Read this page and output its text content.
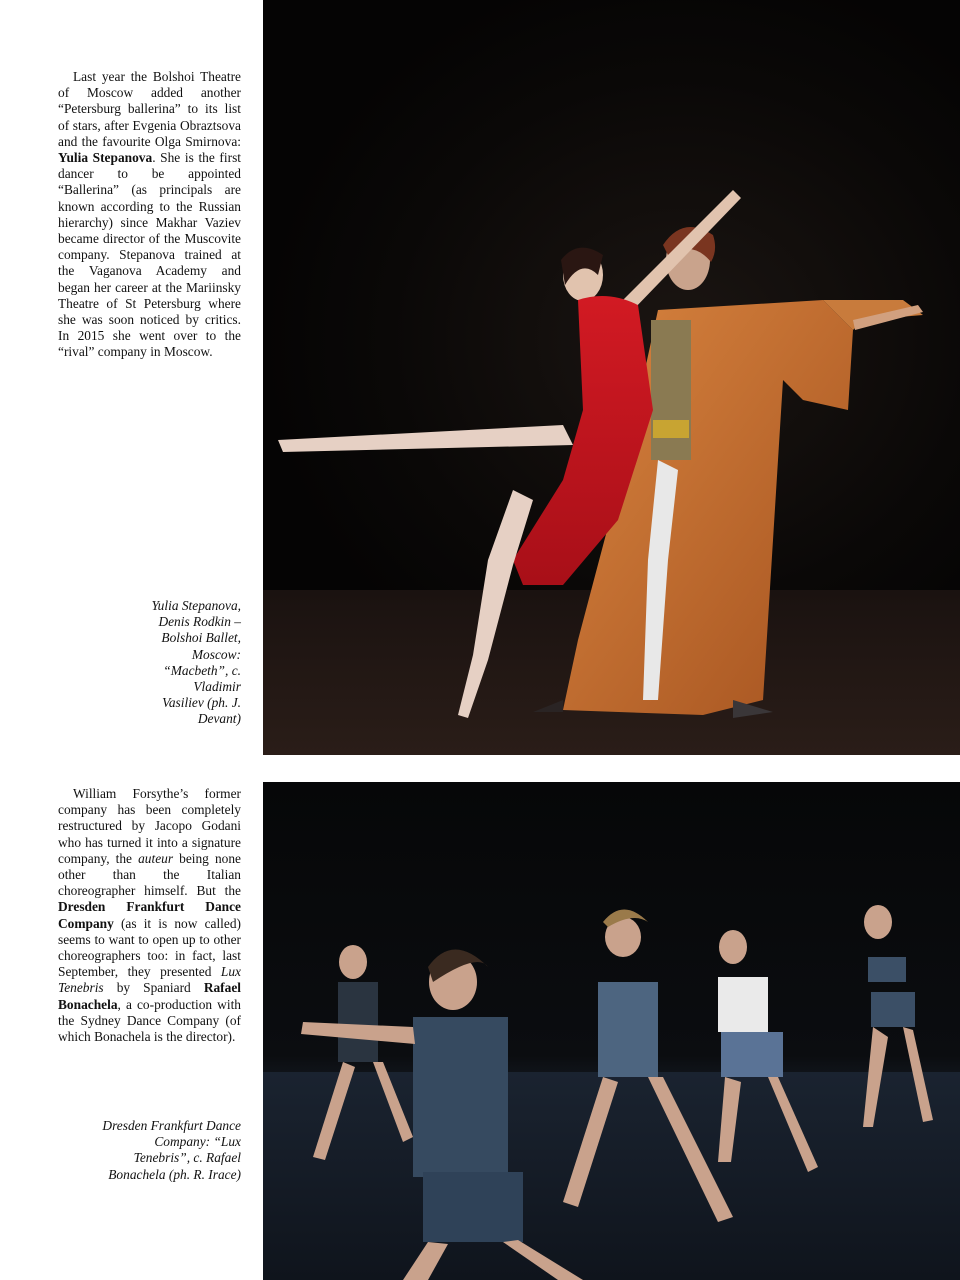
Last year the Bolshoi Theatre of Moscow added another “Petersburg ballerina” to its list of stars, after Evgenia Obraztsova and the favourite Olga Smirnova: Yulia Stepanova. She is the first dancer to be appointed “Ballerina” (as principals are known according to the Russian hierarchy) since Makhar Vaziev became director of the Muscovite company. Stepanova trained at the Vaganova Academy and began her career at the Mariinsky Theatre of St Petersburg where she was soon noticed by critics. In 2015 she went over to the “rival” company in Moscow.

Yulia Stepanova, Denis Rodkin – Bolshoi Ballet, Moscow: “Macbeth”, c. Vladimir Vasiliev (ph. J. Devant)

William Forsythe’s former company has been completely restructured by Jacopo Godani who has turned it into a signature company, the auteur being none other than the Italian choreographer himself. But the Dresden Frankfurt Dance Company (as it is now called) seems to want to open up to other choreographers too: in fact, last September, they presented Lux Tenebris by Spaniard Rafael Bonachela, a co-production with the Sydney Dance Company (of which Bonachela is the director).

Dresden Frankfurt Dance Company: “Lux Tenebris”, c. Rafael Bonachela (ph. R. Irace)
